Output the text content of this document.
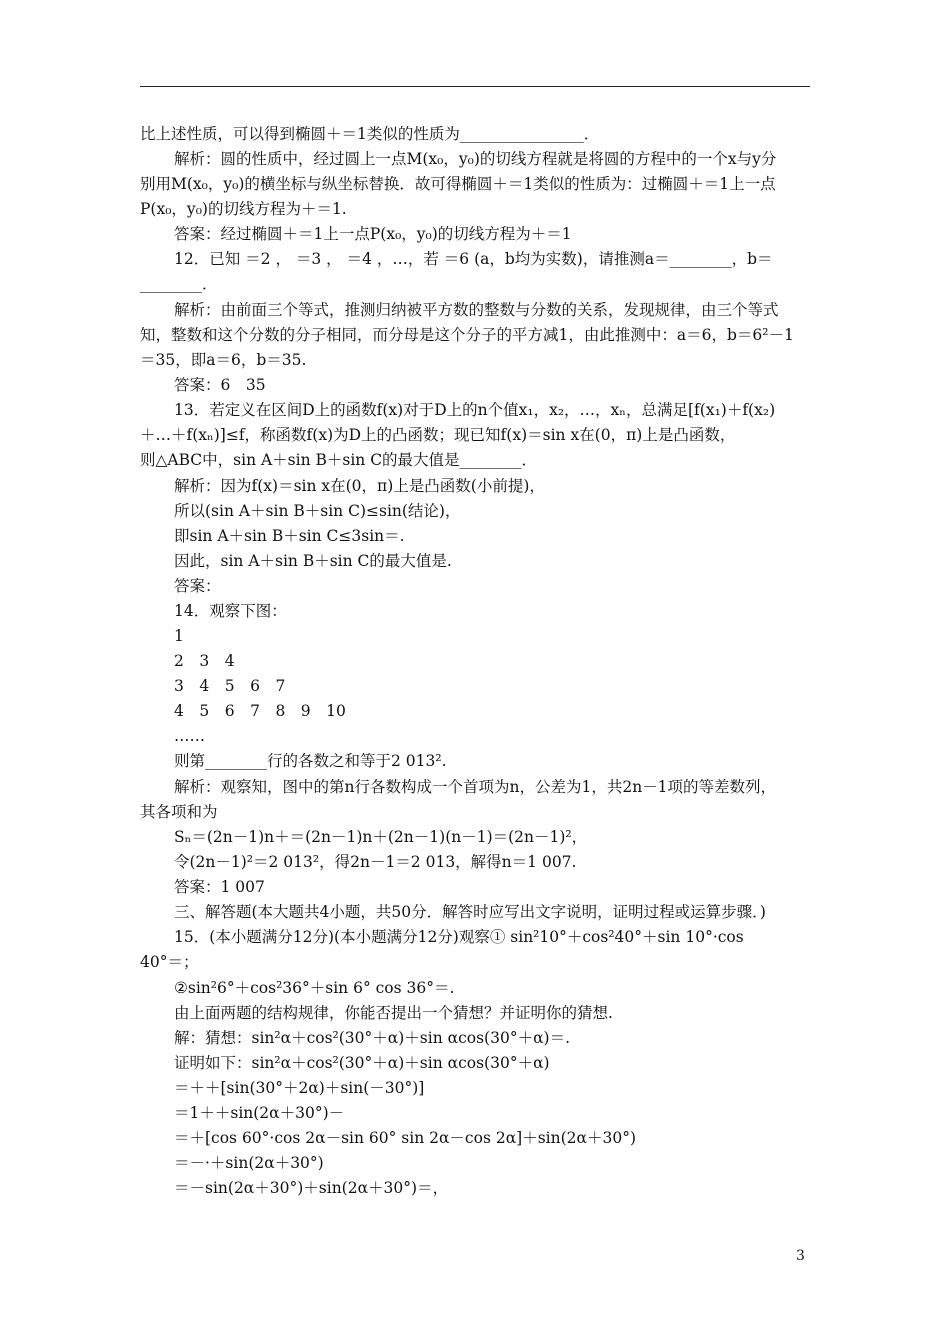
比上述性质，可以得到椭圆＋＝1类似的性质为________________．
解析：圆的性质中，经过圆上一点M(x₀，y₀)的切线方程就是将圆的方程中的一个x与y分
别用M(x₀，y₀)的横坐标与纵坐标替换．故可得椭圆＋＝1类似的性质为：过椭圆＋＝1上一点
P(x₀，y₀)的切线方程为＋＝1.
答案：经过椭圆＋＝1上一点P(x₀，y₀)的切线方程为＋＝1
12．已知 ＝2 ， ＝3 ， ＝4 ，…，若 ＝6 (a，b均为实数)，请推测a＝________，b＝
________．
解析：由前面三个等式，推测归纳被平方数的整数与分数的关系，发现规律，由三个等式
知，整数和这个分数的分子相同，而分母是这个分子的平方减1，由此推测中：a＝6，b＝6²－1
＝35，即a＝6，b＝35.
答案：6　35
13．若定义在区间D上的函数f(x)对于D上的n个值x₁，x₂，…，xₙ，总满足[f(x₁)＋f(x₂)
＋…＋f(xₙ)]≤f，称函数f(x)为D上的凸函数；现已知f(x)＝sin x在(0，π)上是凸函数，
则△ABC中，sin A＋sin B＋sin C的最大值是________．
解析：因为f(x)＝sin x在(0，π)上是凸函数(小前提)，
所以(sin A＋sin B＋sin C)≤sin(结论)，
即sin A＋sin B＋sin C≤3sin＝.
因此，sin A＋sin B＋sin C的最大值是.
答案：
14．观察下图：
1
2　3　4
3　4　5　6　7
4　5　6　7　8　9　10
……
则第________行的各数之和等于2 013².
解析：观察知，图中的第n行各数构成一个首项为n，公差为1，共2n－1项的等差数列，
其各项和为
Sₙ＝(2n－1)n＋＝(2n－1)n＋(2n－1)(n－1)＝(2n－1)²，
令(2n－1)²＝2 013²，得2n－1＝2 013，解得n＝1 007.
答案：1 007
三、解答题(本大题共4小题，共50分．解答时应写出文字说明，证明过程或运算步骤．)
15．(本小题满分12分)(本小题满分12分)观察① sin²10°＋cos²40°＋sin 10°·cos
40°＝；
②sin²6°＋cos²36°＋sin 6° cos 36°＝.
由上面两题的结构规律，你能否提出一个猜想？并证明你的猜想.
解：猜想：sin²α＋cos²(30°＋α)＋sin αcos(30°＋α)＝.
证明如下：sin²α＋cos²(30°＋α)＋sin αcos(30°＋α)
＝＋＋[sin(30°＋2α)＋sin(－30°)]
＝1＋＋sin(2α＋30°)－
＝＋[cos 60°·cos 2α－sin 60° sin 2α－cos 2α]＋sin(2α＋30°)
＝－·＋sin(2α＋30°)
＝－sin(2α＋30°)＋sin(2α＋30°)＝，
3
